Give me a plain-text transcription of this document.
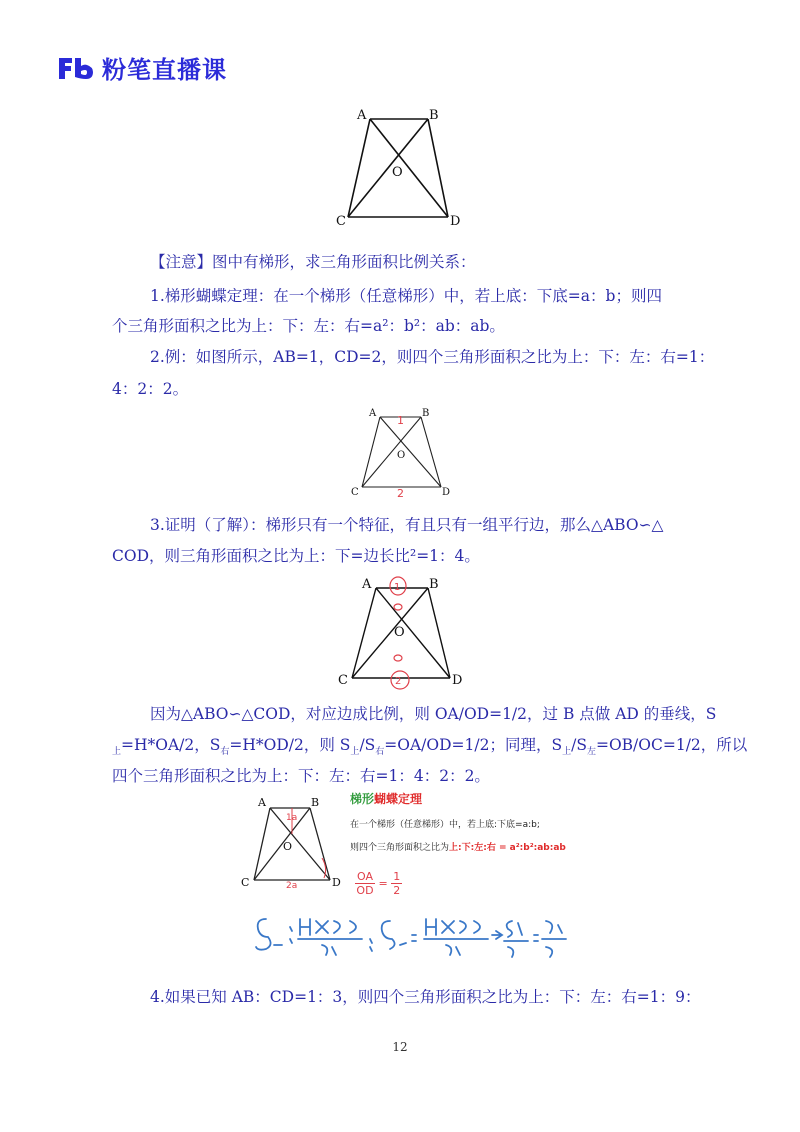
粉笔直播课
A	B
O
C	D
【注意】图中有梯形，求三角形面积比例关系：
1.梯形蝴蝶定理：在一个梯形（任意梯形）中，若上底：下底=a：b；则四
个三角形面积之比为上：下：左：右=a²：b²：ab：ab。
2.例：如图所示，AB=1，CD=2，则四个三角形面积之比为上：下：左：右=1：
4：2：2。
A	B
O
C	D
1
2
3.证明（了解）：梯形只有一个特征，有且只有一组平行边，那么△ABO∽△
COD，则三角形面积之比为上：下=边长比²=1：4。
A	B
O
C	D
1
2
因为△ABO∽△COD，对应边成比例，则 OA/OD=1/2，过 B 点做 AD 的垂线，S
$_上$=H*OA/2，$S_右=H*OD/2$，则 $S_上/S_右=OA/OD=1/2$；同理，$S_上/S_左=OB/OC=1/2$，所以
四个三角形面积之比为上：下：左：右=1：4：2：2。
A	B
O
C	D
1a
2a
梯形蝴蝶定理
在一个梯形（任意梯形）中，若上底:下底=a:b;
则四个三角形面积之比为上:下:左:右 = a²:b²:ab:ab
$\frac{OA}{OD} = \frac{1}{2}$
4.如果已知 AB：CD=1：3，则四个三角形面积之比为上：下：左：右=1：9：
12
